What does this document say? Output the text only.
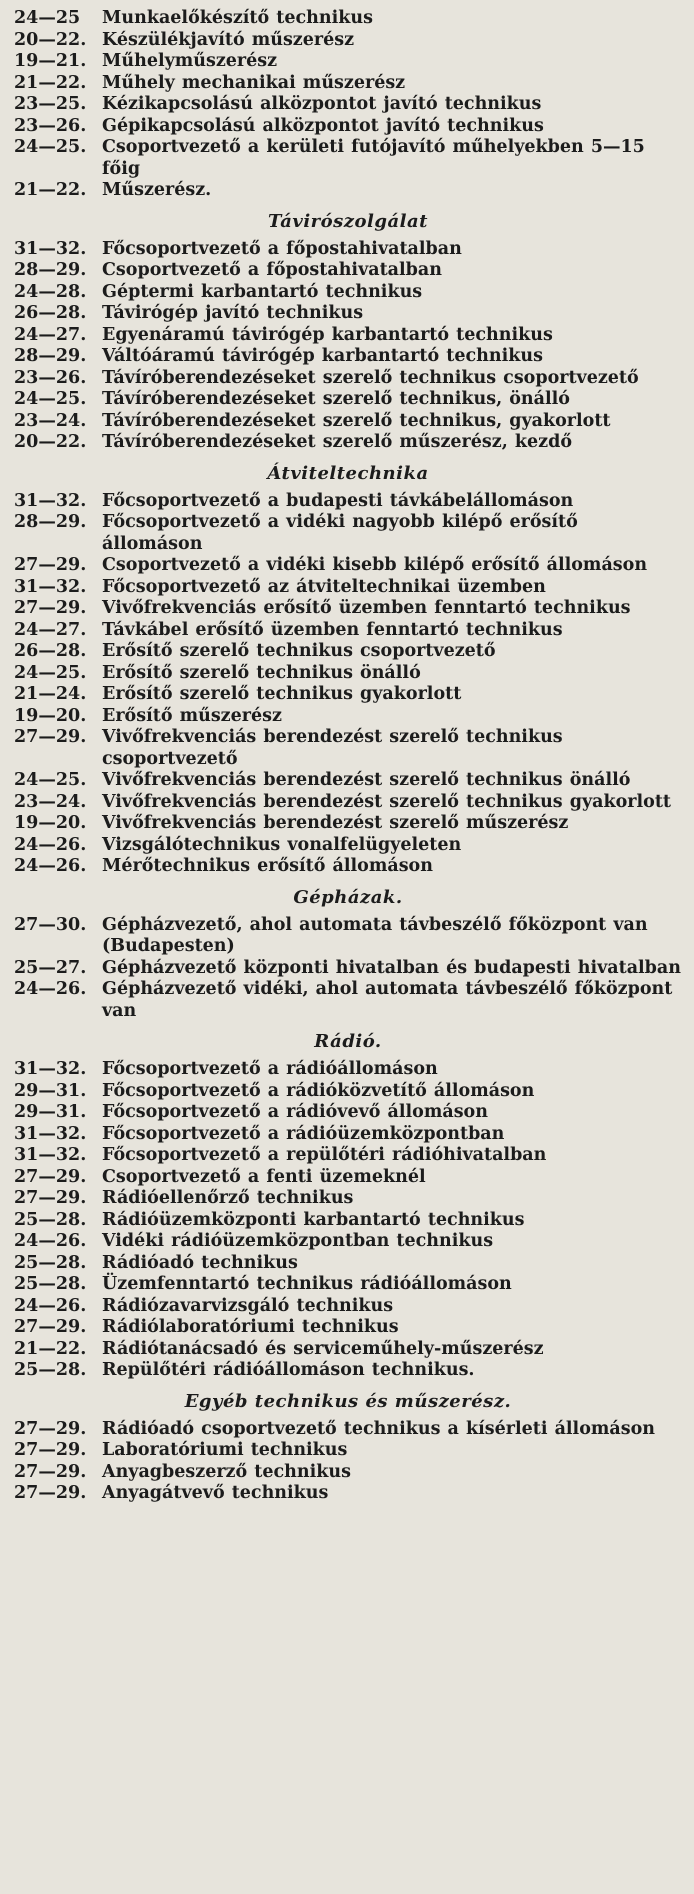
24—25	Munkaelőkészítő technikus
20—22. Készülékjavító műszerész
19—21. Műhelyműszerész
21—22. Műhely mechanikai műszerész
23—25. Kézikapcsolású alközpontot javító technikus
23—26. Gépikapcsolású alközpontot javító technikus
24—25. Csoportvezető a kerületi futójavító műhelyekben 5—15 főig
21—22. Műszerész.
Távirószolgálat
31—32. Főcsoportvezető a főpostahivatalban
28—29. Csoportvezető a főpostahivatalban
24—28. Géptermi karbantartó technikus
26—28. Távirógép javító technikus
24—27. Egyenáramú távirógép karbantartó technikus
28—29. Váltóáramú távirógép karbantartó technikus
23—26. Távíróberendezéseket szerelő technikus csoportvezető
24—25. Távíróberendezéseket szerelő technikus, önálló
23—24. Távíróberendezéseket szerelő technikus, gyakorlott
20—22. Távíróberendezéseket szerelő műszerész, kezdő
Átviteltechnika
31—32. Főcsoportvezető a budapesti távkábelállomáson
28—29. Főcsoportvezető a vidéki nagyobb kilépő erősítő állomáson
27—29. Csoportvezető a vidéki kisebb kilépő erősítő állomáson
31—32. Főcsoportvezető az átviteltechnikai üzemben
27—29. Vivőfrekvenciás erősítő üzemben fenntartó technikus
24—27. Távkábel erősítő üzemben fenntartó technikus
26—28. Erősítő szerelő technikus csoportvezető
24—25. Erősítő szerelő technikus önálló
21—24. Erősítő szerelő technikus gyakorlott
19—20. Erősítő műszerész
27—29. Vivőfrekvenciás berendezést szerelő technikus csoportvezető
24—25. Vivőfrekvenciás berendezést szerelő technikus önálló
23—24. Vivőfrekvenciás berendezést szerelő technikus gyakorlott
19—20. Vivőfrekvenciás berendezést szerelő műszerész
24—26. Vizsgálótechnikus vonalfelügyeleten
24—26. Mérőtechnikus erősítő állomáson
Gépházak.
27—30. Gépházvezető, ahol automata távbeszélő főközpont van (Budapesten)
25—27. Gépházvezető központi hivatalban és budapesti hivatalban
24—26. Gépházvezető vidéki, ahol automata távbeszélő főközpont van
Rádió.
31—32. Főcsoportvezető a rádióállomáson
29—31. Főcsoportvezető a rádióközvetítő állomáson
29—31. Főcsoportvezető a rádióvevő állomáson
31—32. Főcsoportvezető a rádióüzemközpontban
31—32. Főcsoportvezető a repülőtéri rádióhivatalban
27—29. Csoportvezető a fenti üzemeknél
27—29. Rádióellenőrző technikus
25—28. Rádióüzemközponti karbantartó technikus
24—26. Vidéki rádióüzemközpontban technikus
25—28. Rádióadó technikus
25—28. Üzemfenntartó technikus rádióállomáson
24—26. Rádiózavarvizsgáló technikus
27—29. Rádiólaboratóriumi technikus
21—22. Rádiótanácsadó és serviceműhely-műszerész
25—28. Repülőtéri rádióállomáson technikus.
Egyéb technikus és műszerész.
27—29. Rádióadó csoportvezető technikus a kísérleti állomáson
27—29. Laboratóriumi technikus
27—29. Anyagbeszerző technikus
27—29. Anyagátvevő technikus
